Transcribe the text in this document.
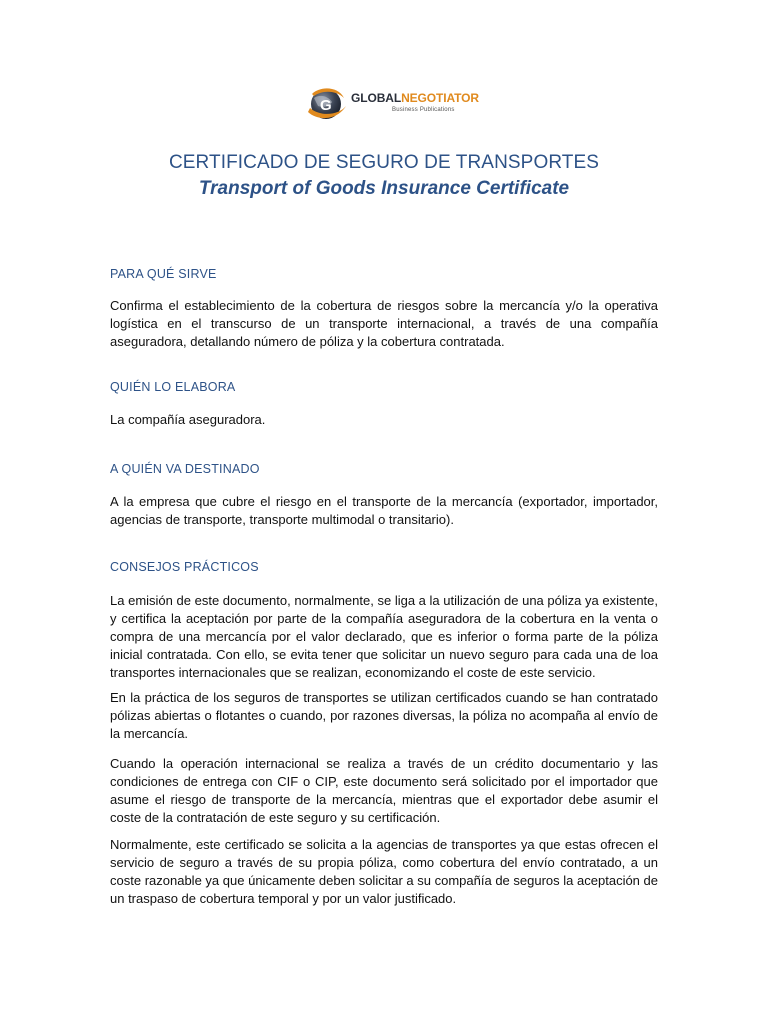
G GLOBALNEGOTIATOR
Business Publications
CERTIFICADO DE SEGURO DE TRANSPORTES
Transport of Goods Insurance Certificate
PARA QUÉ SIRVE
Confirma el establecimiento de la cobertura de riesgos sobre la mercancía y/o la operativa logística en el transcurso de un transporte internacional, a través de una compañía aseguradora, detallando número de póliza y la cobertura contratada.
QUIÉN LO ELABORA
La compañía aseguradora.
A QUIÉN VA DESTINADO
A la empresa que cubre el riesgo en el transporte de la mercancía (exportador, importador, agencias de transporte, transporte multimodal o transitario).
CONSEJOS PRÁCTICOS
La emisión de este documento, normalmente, se liga a la utilización de una póliza ya existente, y certifica la aceptación por parte de la compañía aseguradora de la cobertura en la venta o compra de una mercancía por el valor declarado, que es inferior o forma parte de la póliza inicial contratada. Con ello, se evita tener que solicitar un nuevo seguro para cada una de loa transportes internacionales que se realizan, economizando el coste de este servicio.
En la práctica de los seguros de transportes se utilizan certificados cuando se han contratado pólizas abiertas o flotantes o cuando, por razones diversas, la póliza no acompaña al envío de la mercancía.
Cuando la operación internacional se realiza a través de un crédito documentario y las condiciones de entrega con CIF o CIP, este documento será solicitado por el importador que asume el riesgo de transporte de la mercancía, mientras que el exportador debe asumir el coste de la contratación de este seguro y su certificación.
Normalmente, este certificado se solicita a la agencias de transportes ya que estas ofrecen el servicio de seguro a través de su propia póliza, como cobertura del envío contratado, a un coste razonable ya que únicamente deben solicitar a su compañía de seguros la aceptación de un traspaso de cobertura temporal y por un valor justificado.
